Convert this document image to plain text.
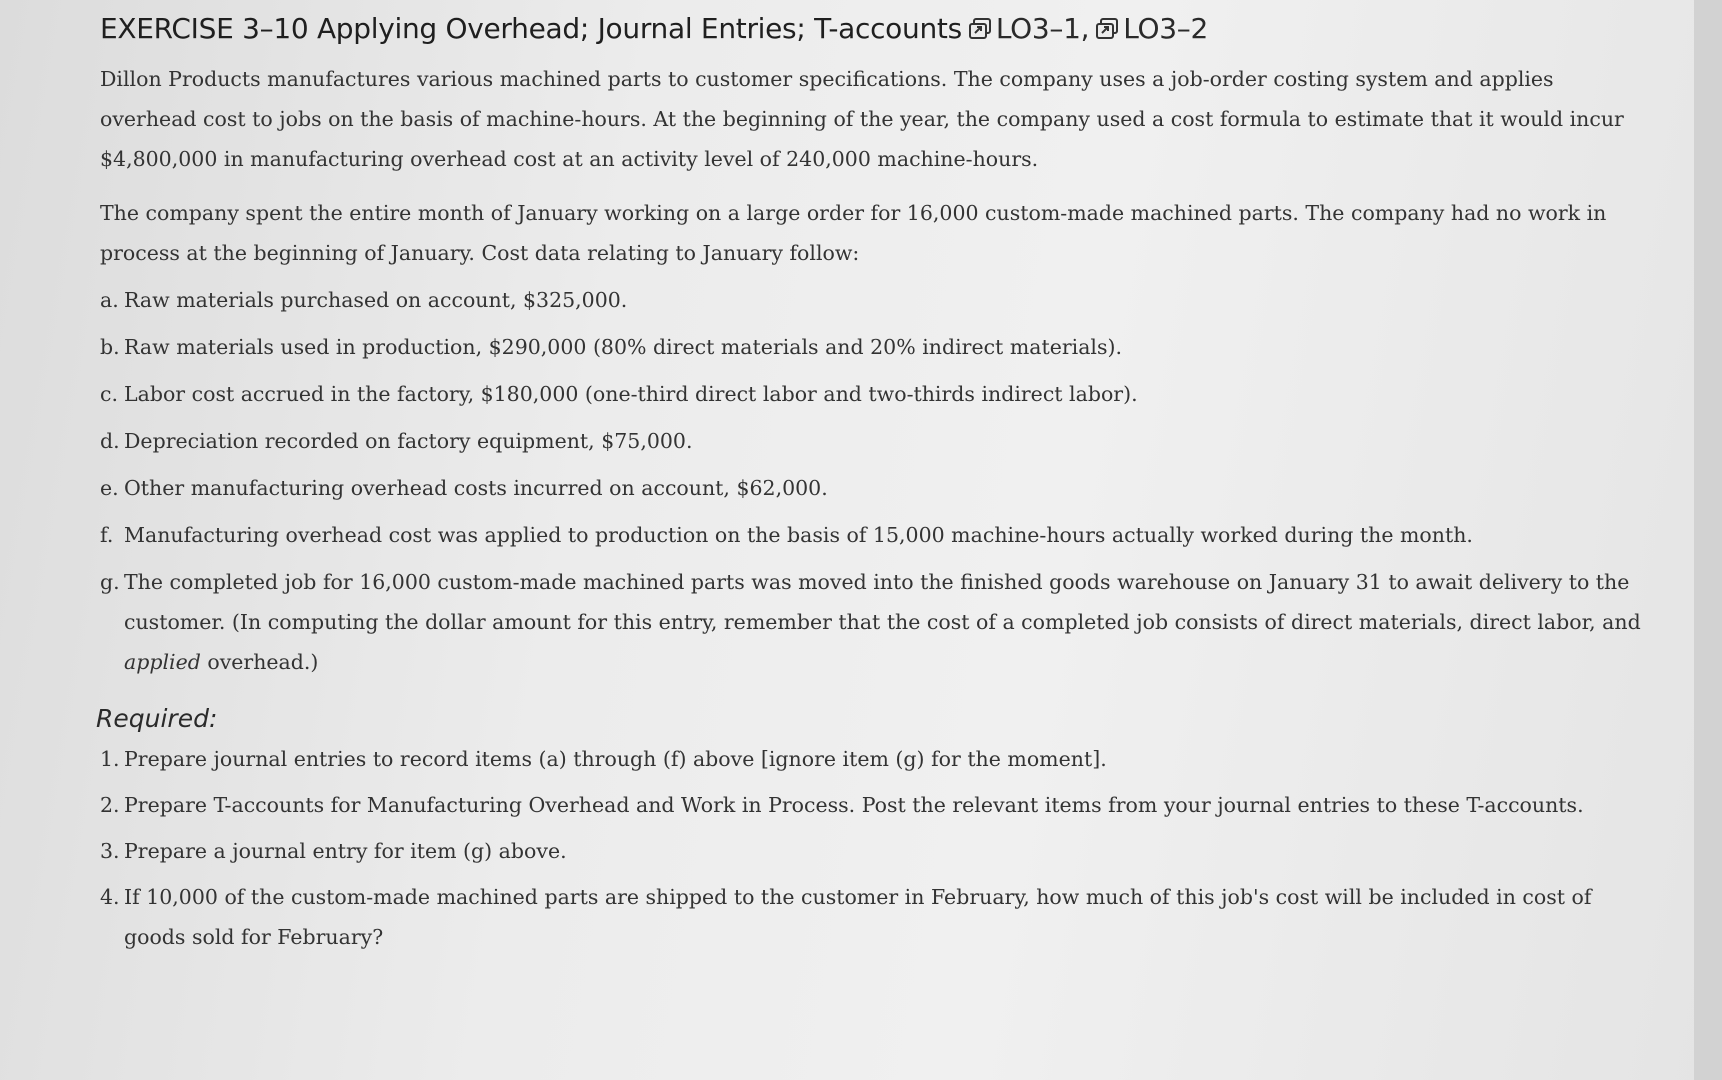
EXERCISE 3–10 Applying Overhead; Journal Entries; T-accounts LO3–1, LO3–2

Dillon Products manufactures various machined parts to customer specifications. The company uses a job-order costing system and applies overhead cost to jobs on the basis of machine-hours. At the beginning of the year, the company used a cost formula to estimate that it would incur $4,800,000 in manufacturing overhead cost at an activity level of 240,000 machine-hours.

The company spent the entire month of January working on a large order for 16,000 custom-made machined parts. The company had no work in process at the beginning of January. Cost data relating to January follow:

a. Raw materials purchased on account, $325,000.
b. Raw materials used in production, $290,000 (80% direct materials and 20% indirect materials).
c. Labor cost accrued in the factory, $180,000 (one-third direct labor and two-thirds indirect labor).
d. Depreciation recorded on factory equipment, $75,000.
e. Other manufacturing overhead costs incurred on account, $62,000.
f. Manufacturing overhead cost was applied to production on the basis of 15,000 machine-hours actually worked during the month.
g. The completed job for 16,000 custom-made machined parts was moved into the finished goods warehouse on January 31 to await delivery to the customer. (In computing the dollar amount for this entry, remember that the cost of a completed job consists of direct materials, direct labor, and applied overhead.)
Required:
1. Prepare journal entries to record items (a) through (f) above [ignore item (g) for the moment].
2. Prepare T-accounts for Manufacturing Overhead and Work in Process. Post the relevant items from your journal entries to these T-accounts.
3. Prepare a journal entry for item (g) above.
4. If 10,000 of the custom-made machined parts are shipped to the customer in February, how much of this job's cost will be included in cost of goods sold for February?
